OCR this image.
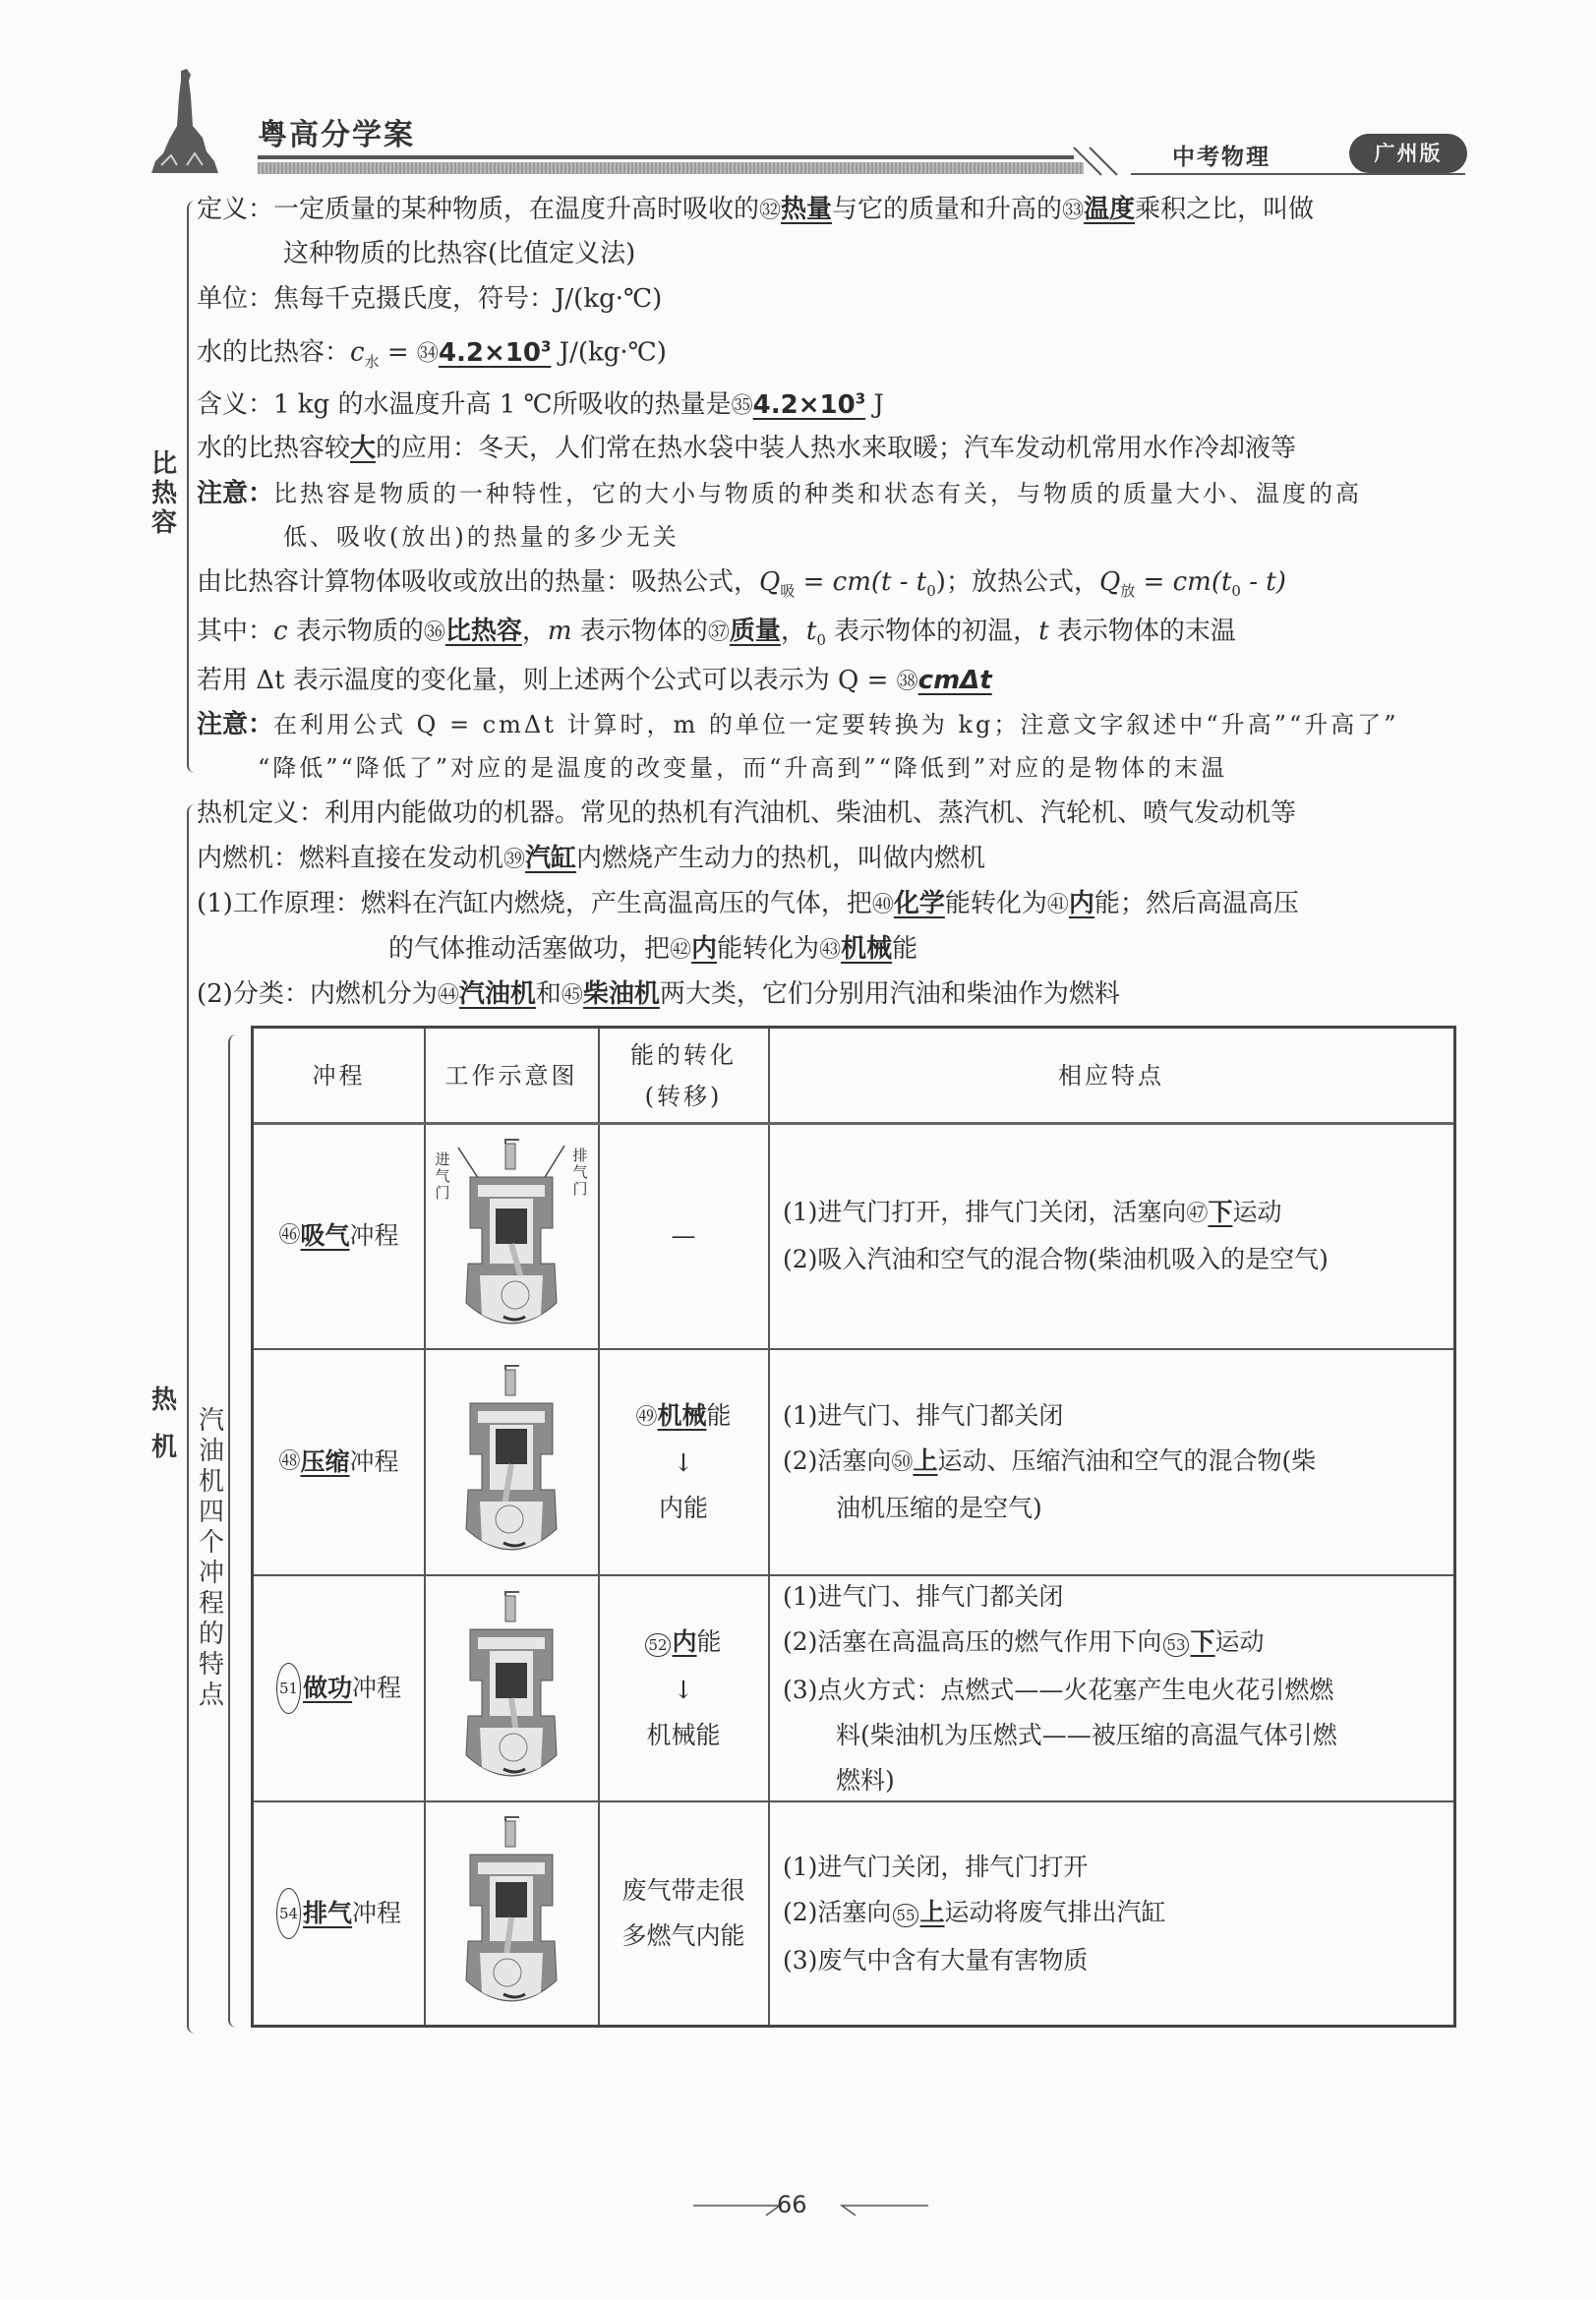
粤高分学案
中考物理	广州版
比热容
定义：一定质量的某种物质，在温度升高时吸收的㉜热量与它的质量和升高的㉝温度乘积之比，叫做
这种物质的比热容(比值定义法)
单位：焦每千克摄氏度，符号：J/(kg·℃)
水的比热容：$c_水$ = $㉞4.2\times 10^3$ J/(kg·℃)
含义：1 kg 的水温度升高 1 ℃所吸收的热量是$㉟4.2\times 10^3$ J
水的比热容较大的应用：冬天，人们常在热水袋中装人热水来取暖；汽车发动机常用水作冷却液等
注意：比热容是物质的一种特性，它的大小与物质的种类和状态有关，与物质的质量大小、温度的高
低、吸收(放出)的热量的多少无关
由比热容计算物体吸收或放出的热量：吸热公式，$Q_吸 = cm(t - t_0)$；放热公式，$Q_放 = cm(t_0 - t)$
其中：c 表示物质的㊱比热容，m 表示物体的㊲质量，$t_0$ 表示物体的初温，t 表示物体的末温
若用 Δt 表示温度的变化量，则上述两个公式可以表示为 Q = ㊳cmΔt
注意：在利用公式 Q = cmΔt 计算时，m 的单位一定要转换为 kg；注意文字叙述中“升高”“升高了”
“降低”“降低了”对应的是温度的改变量，而“升高到”“降低到”对应的是物体的末温
热机
热机定义：利用内能做功的机器。常见的热机有汽油机、柴油机、蒸汽机、汽轮机、喷气发动机等
内燃机：燃料直接在发动机㊴汽缸内燃烧产生动力的热机，叫做内燃机
(1)工作原理：燃料在汽缸内燃烧，产生高温高压的气体，把㊵化学能转化为㊶内能；然后高温高压
的气体推动活塞做功，把㊷内能转化为㊸机械能
(2)分类：内燃机分为㊹汽油机和㊺柴油机两大类，它们分别用汽油和柴油作为燃料
汽油机四个冲程的特点
冲程	工作示意图
能的转化
(转移)
相应特点
㊻ 吸气 冲程
进气门
排气门
—
(1)进气门打开，排气门关闭，活塞向㊼下运动
(2)吸入汽油和空气的混合物(柴油机吸入的是空气)
㊽ 压缩 冲程
㊾机械能
↓
内能
(1)进气门、排气门都关闭
(2)活塞向㊿上运动、压缩汽油和空气的混合物(柴
油机压缩的是空气)
51 做功 冲程
52 内能
↓
机械能
(1)进气门、排气门都关闭
(2)活塞在高温高压的燃气作用下向 53 下运动
(3)点火方式：点燃式——火花塞产生电火花引燃燃
料(柴油机为压燃式——被压缩的高温气体引燃
燃料)
54 排气 冲程
废气带走很
多燃气内能
(1)进气门关闭，排气门打开
(2)活塞向 55 上运动将废气排出汽缸
(3)废气中含有大量有害物质
66
